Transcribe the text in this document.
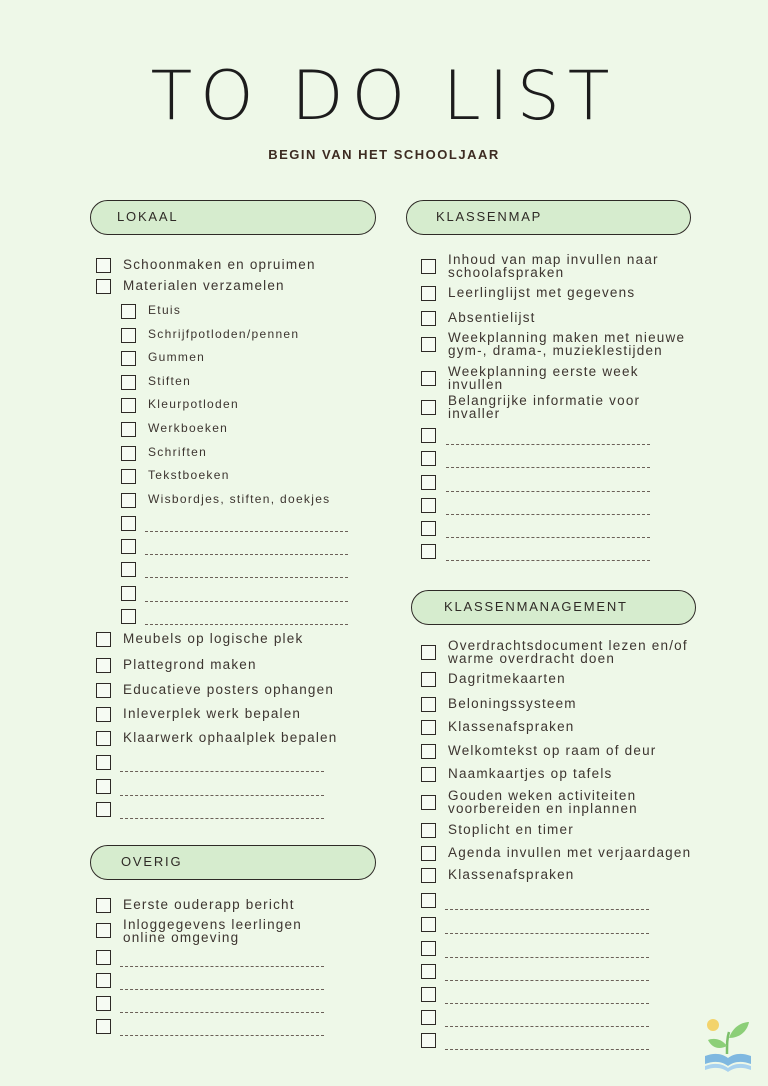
TO DO LIST
BEGIN VAN HET SCHOOLJAAR
LOKAAL
Schoonmaken en opruimen
Materialen verzamelen
Etuis
Schrijfpotloden/pennen
Gummen
Stiften
Kleurpotloden
Werkboeken
Schriften
Tekstboeken
Wisbordjes, stiften, doekjes
Meubels op logische plek
Plattegrond maken
Educatieve posters ophangen
Inleverplek werk bepalen
Klaarwerk ophaalplek bepalen
OVERIG
Eerste ouderapp bericht
Inloggegevens leerlingen online omgeving
KLASSENMAP
Inhoud van map invullen naar schoolafspraken
Leerlinglijst met gegevens
Absentielijst
Weekplanning maken met nieuwe gym-, drama-, muzieklestijden
Weekplanning eerste week invullen
Belangrijke informatie voor invaller
KLASSENMANAGEMENT
Overdrachtsdocument lezen en/of warme overdracht doen
Dagritmekaarten
Beloningssysteem
Klassenafspraken
Welkomtekst op raam of deur
Naamkaartjes op tafels
Gouden weken activiteiten voorbereiden en inplannen
Stoplicht en timer
Agenda invullen met verjaardagen
Klassenafspraken
